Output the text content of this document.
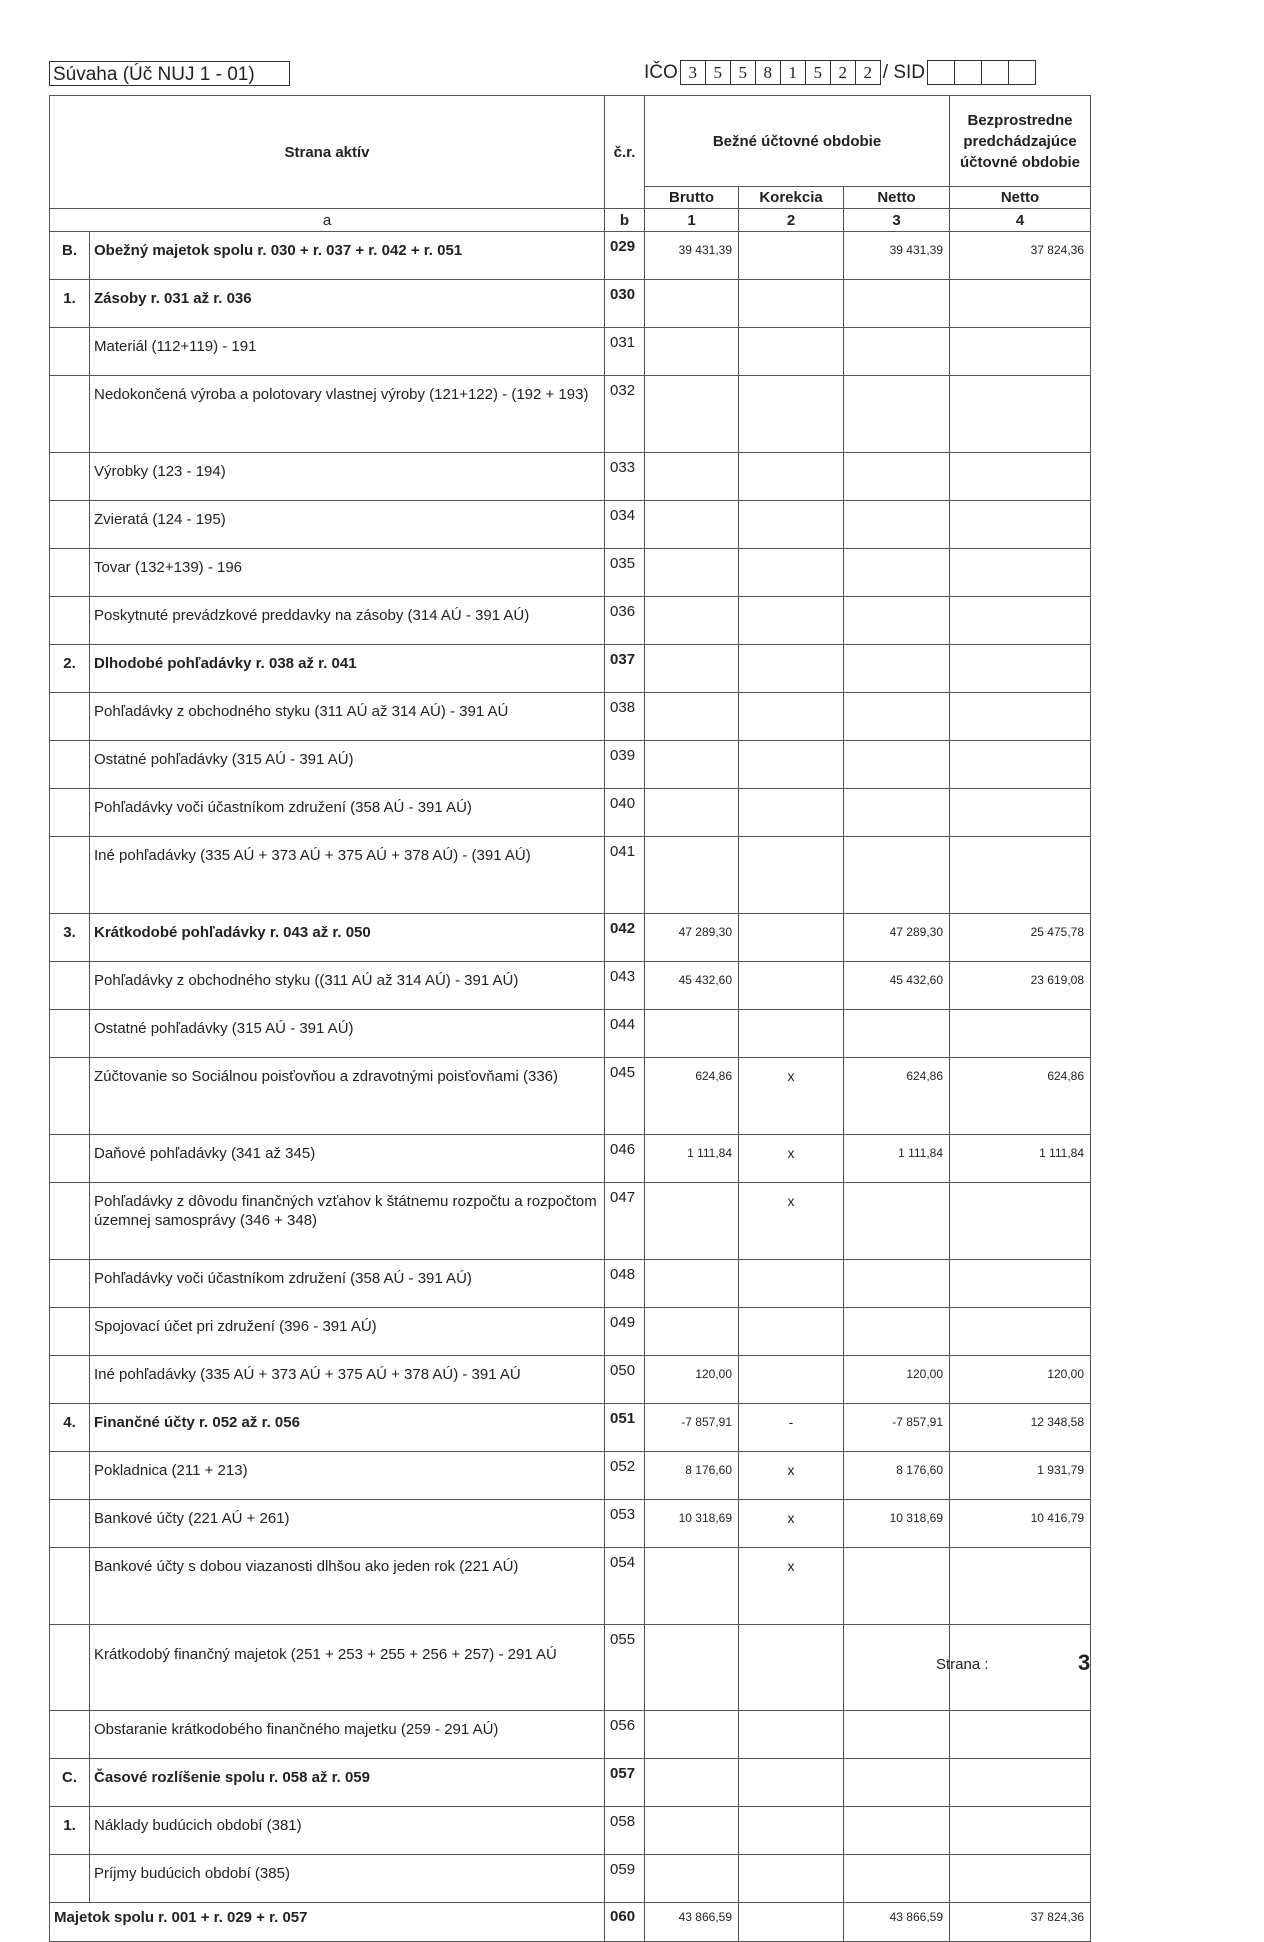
Súvaha (Úč NUJ 1 - 01)	IČO 3 5 5 8 1 5 2 2 / SID
Strana aktív		č.r.	Bežné účtovné obdobie			Bezprostredne predchádzajúce účtovné obdobie
			Brutto	Korekcia	Netto	Netto
a		b	1	2	3	4
B.	Obežný majetok spolu r. 030 + r. 037 + r. 042 + r. 051	029	39 431,39		39 431,39	37 824,36
1.	Zásoby r. 031 až r. 036	030				
	Materiál (112+119) - 191	031				
	Nedokončená výroba a polotovary vlastnej výroby (121+122) - (192 + 193)	032				
	Výrobky (123 - 194)	033				
	Zvieratá (124 - 195)	034				
	Tovar (132+139) - 196	035				
	Poskytnuté prevádzkové preddavky na zásoby (314 AÚ - 391 AÚ)	036				
2.	Dlhodobé pohľadávky r. 038 až r. 041	037				
	Pohľadávky z obchodného styku (311 AÚ až 314 AÚ) - 391 AÚ	038				
	Ostatné pohľadávky (315 AÚ - 391 AÚ)	039				
	Pohľadávky voči účastníkom združení (358 AÚ - 391 AÚ)	040				
	Iné pohľadávky (335 AÚ + 373 AÚ + 375 AÚ + 378 AÚ) - (391 AÚ)	041				
3.	Krátkodobé pohľadávky r. 043 až r. 050	042	47 289,30		47 289,30	25 475,78
	Pohľadávky z obchodného styku ((311 AÚ až 314 AÚ) - 391 AÚ)	043	45 432,60		45 432,60	23 619,08
	Ostatné pohľadávky (315 AÚ - 391 AÚ)	044				
	Zúčtovanie so Sociálnou poisťovňou a zdravotnými poisťovňami (336)	045	624,86	x	624,86	624,86
	Daňové pohľadávky (341 až 345)	046	1 111,84	x	1 111,84	1 111,84
	Pohľadávky z dôvodu finančných vzťahov k štátnemu rozpočtu a rozpočtom územnej samosprávy (346 + 348)	047		x		
	Pohľadávky voči účastníkom združení (358 AÚ - 391 AÚ)	048				
	Spojovací účet pri združení (396 - 391 AÚ)	049				
	Iné pohľadávky (335 AÚ + 373 AÚ + 375 AÚ + 378 AÚ) - 391 AÚ	050	120,00		120,00	120,00
4.	Finančné účty r. 052 až r. 056	051	-7 857,91	-	-7 857,91	12 348,58
	Pokladnica (211 + 213)	052	8 176,60	x	8 176,60	1 931,79
	Bankové účty (221 AÚ + 261)	053	10 318,69	x	10 318,69	10 416,79
	Bankové účty s dobou viazanosti dlhšou ako jeden rok (221 AÚ)	054		x		
	Krátkodobý finančný majetok (251 + 253 + 255 + 256 + 257) - 291 AÚ	055				
	Obstaranie krátkodobého finančného majetku (259 - 291 AÚ)	056				
C.	Časové rozlíšenie spolu r. 058 až r. 059	057				
1.	Náklady budúcich období (381)	058				
	Príjmy budúcich období (385)	059				
Majetok spolu r. 001 + r. 029 + r. 057		060	43 866,59		43 866,59	37 824,36
Strana :	3
